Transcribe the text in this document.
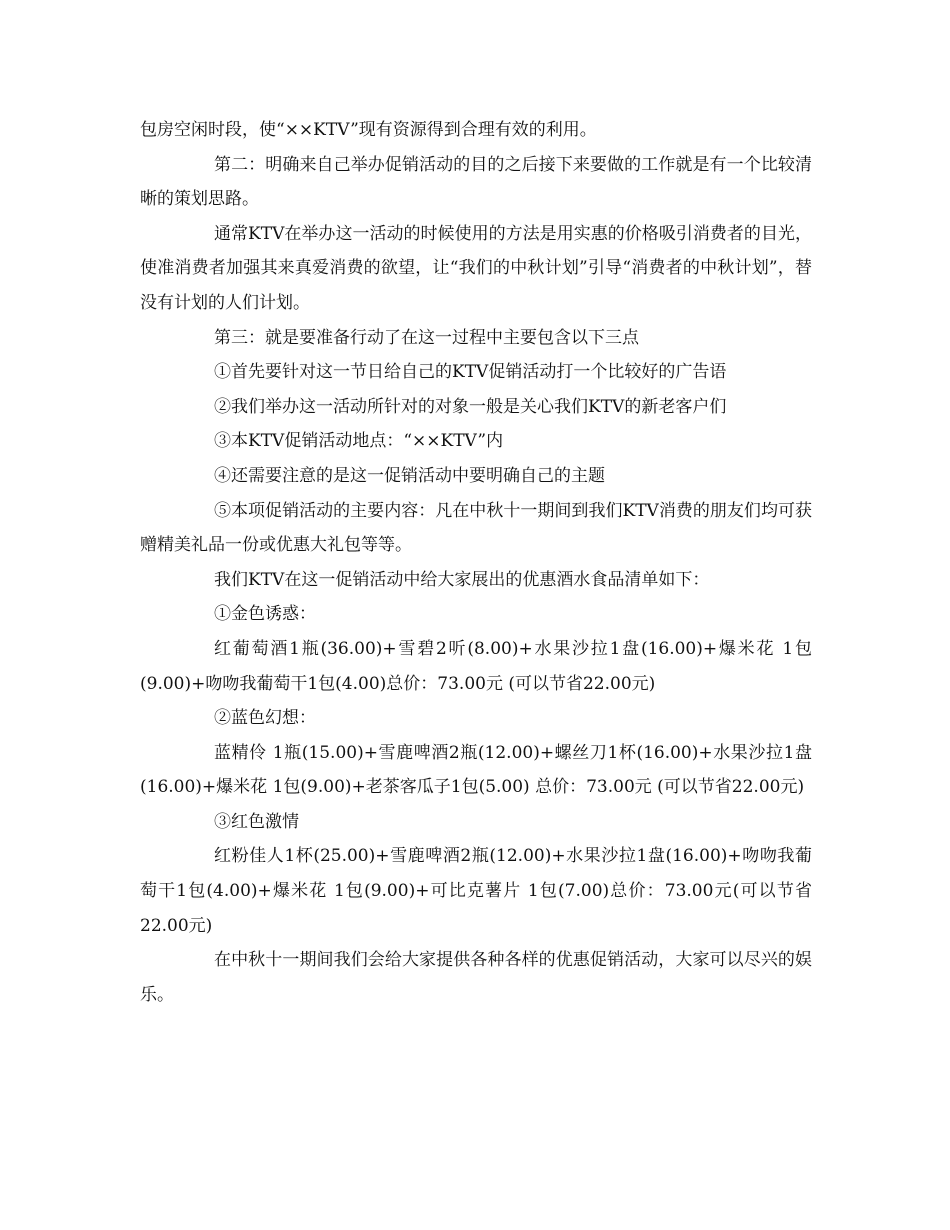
包房空闲时段，使“××KTV”现有资源得到合理有效的利用。

第二：明确来自己举办促销活动的目的之后接下来要做的工作就是有一个比较清晰的策划思路。

通常KTV在举办这一活动的时候使用的方法是用实惠的价格吸引消费者的目光，使准消费者加强其来真爱消费的欲望，让“我们的中秋计划”引导“消费者的中秋计划”，替没有计划的人们计划。

第三：就是要准备行动了在这一过程中主要包含以下三点

①首先要针对这一节日给自己的KTV促销活动打一个比较好的广告语

②我们举办这一活动所针对的对象一般是关心我们KTV的新老客户们

③本KTV促销活动地点：“××KTV”内

④还需要注意的是这一促销活动中要明确自己的主题

⑤本项促销活动的主要内容：凡在中秋十一期间到我们KTV消费的朋友们均可获赠精美礼品一份或优惠大礼包等等。

我们KTV在这一促销活动中给大家展出的优惠酒水食品清单如下：

①金色诱惑：

红葡萄酒1瓶(36.00)+雪碧2听(8.00)+水果沙拉1盘(16.00)+爆米花 1包(9.00)+吻吻我葡萄干1包(4.00)总价：73.00元 (可以节省22.00元)

②蓝色幻想：

蓝精伶 1瓶(15.00)+雪鹿啤酒2瓶(12.00)+螺丝刀1杯(16.00)+水果沙拉1盘(16.00)+爆米花 1包(9.00)+老茶客瓜子1包(5.00) 总价：73.00元 (可以节省22.00元)

③红色激情

红粉佳人1杯(25.00)+雪鹿啤酒2瓶(12.00)+水果沙拉1盘(16.00)+吻吻我葡萄干1包(4.00)+爆米花 1包(9.00)+可比克薯片 1包(7.00)总价：73.00元(可以节省22.00元)

在中秋十一期间我们会给大家提供各种各样的优惠促销活动，大家可以尽兴的娱乐。
